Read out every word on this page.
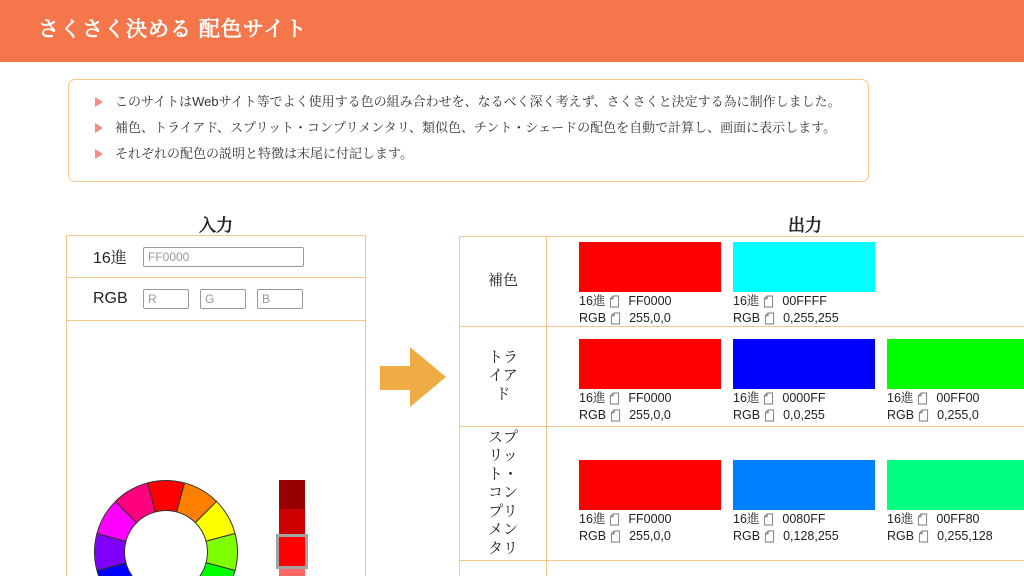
さくさく決める 配色サイト
このサイトはWebサイト等でよく使用する色の組み合わせを、なるべく深く考えず、さくさくと決定する為に制作しました。
補色、トライアド、スプリット・コンプリメンタリ、類似色、チント・シェードの配色を自動で計算し、画面に表示します。
それぞれの配色の説明と特徴は末尾に付記します。
入力	出力
16進
FF0000
RGB
R
G
B
補色
16進 FF0000
RGB 255,0,0
16進 00FFFF
RGB 0,255,255
トライアド	16進 FF0000
RGB 255,0,0
16進 0000FF
RGB 0,0,255
16進 00FF00
RGB 0,255,0
スプリット・コンプリメンタリ
16進 FF0000
RGB 255,0,0
16進 0080FF
RGB 0,128,255
16進 00FF80
RGB 0,255,128
